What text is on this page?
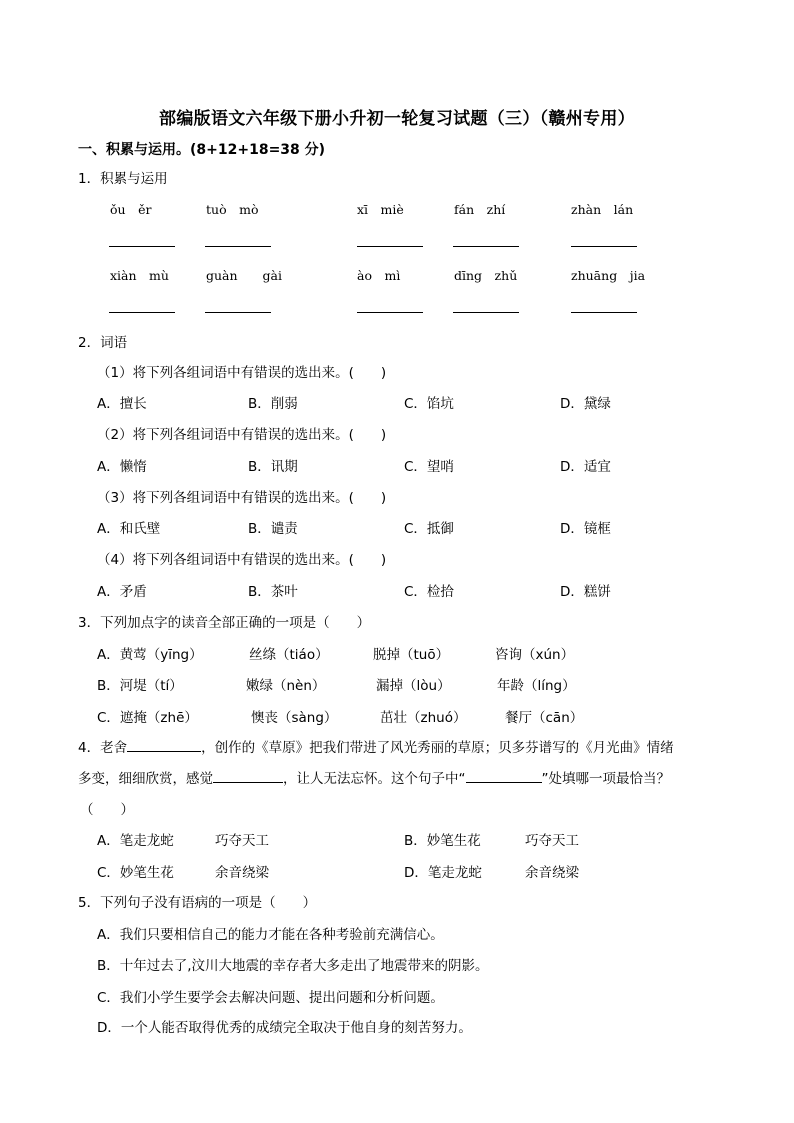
部编版语文六年级下册小升初一轮复习试题（三）（赣州专用）
一、积累与运用。(8+12+18=38 分)
1．积累与运用
ǒu　ěr	tuò　mò	xī　miè	fán　zhí	zhàn　lán
xiàn　mù	guàn　　gài	ào　mì	dīng　zhǔ	zhuāng　jia
2．词语
（1）将下列各组词语中有错误的选出来。(　　)
A．擅长	B．削弱	C．馅坑	D．黛绿
（2）将下列各组词语中有错误的选出来。(　　)
A．懒惰	B．讯期	C．望哨	D．适宜
（3）将下列各组词语中有错误的选出来。(　　)
A．和氏壁	B．谴责	C．抵御	D．镜框
（4）将下列各组词语中有错误的选出来。(　　)
A．矛盾	B．茶叶	C．检拾	D．糕饼
3．下列加点字的读音全部正确的一项是（　　）
A．黄莺（yīng）	丝绦（tiáo）	脱掉（tuō）	咨询（xún）
B．河堤（tí）	嫩绿（nèn）	漏掉（lòu）	年龄（líng）
C．遮掩（zhē）	懊丧（sàng）	茁壮（zhuó）	餐厅（cān）
4．老舍	，创作的《草原》把我们带进了风光秀丽的草原；贝多芬谱写的《月光曲》情绪
多变，细细欣赏，感觉	，让人无法忘怀。这个句子中“	”处填哪一项最恰当？
（　　）
A．笔走龙蛇	巧夺天工	B．妙笔生花	巧夺天工
C．妙笔生花	余音绕梁	D．笔走龙蛇	余音绕梁
5．下列句子没有语病的一项是（　　）
A．我们只要相信自己的能力才能在各种考验前充满信心。
B．十年过去了,汶川大地震的幸存者大多走出了地震带来的阴影。
C．我们小学生要学会去解决问题、提出问题和分析问题。
D．一个人能否取得优秀的成绩完全取决于他自身的刻苦努力。
